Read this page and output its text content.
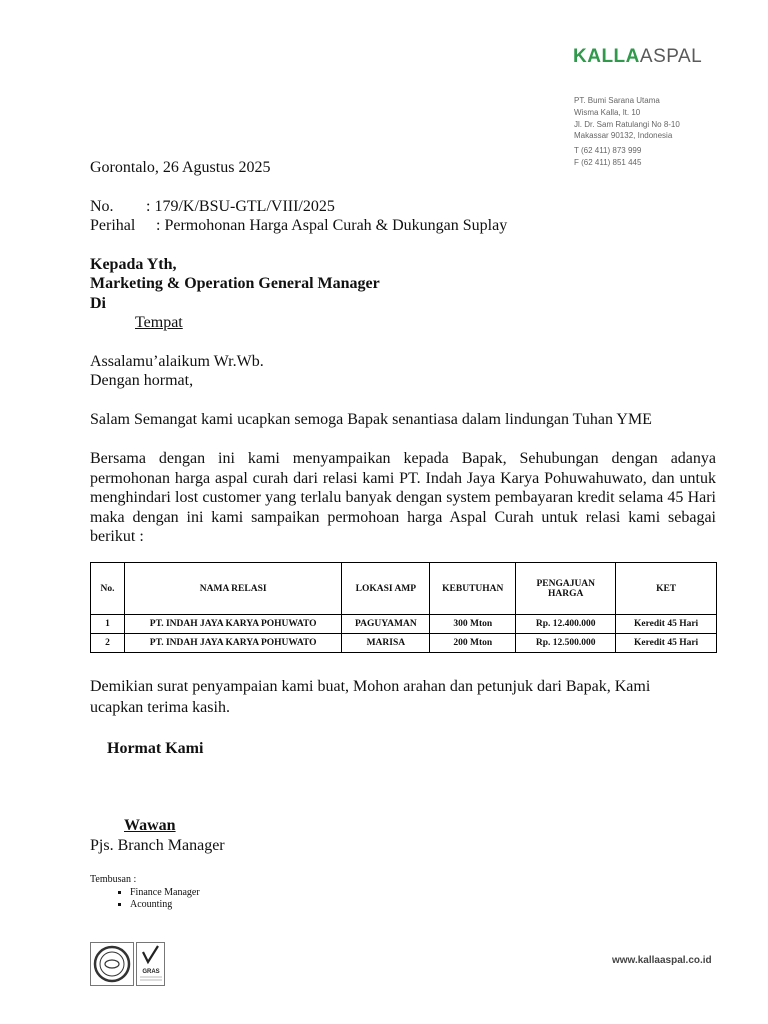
KALLAASPAL
PT. Bumi Sarana Utama
Wisma Kalla, lt. 10
Jl. Dr. Sam Ratulangi No 8-10
Makassar 90132, Indonesia
T (62 411) 873 999
F (62 411) 851 445
Gorontalo, 26 Agustus 2025
No. : 179/K/BSU-GTL/VIII/2025
Perihal : Permohonan Harga Aspal Curah & Dukungan Suplay
Kepada Yth,
Marketing & Operation General Manager
Di
Tempat
Assalamu’alaikum Wr.Wb.
Dengan hormat,
Salam Semangat kami ucapkan semoga Bapak senantiasa dalam lindungan Tuhan YME
Bersama dengan ini kami menyampaikan kepada Bapak, Sehubungan dengan adanya permohonan harga aspal curah dari relasi kami PT. Indah Jaya Karya Pohuwahuwato, dan untuk menghindari lost customer yang terlalu banyak dengan system pembayaran kredit selama 45 Hari maka dengan ini kami sampaikan permohoan harga Aspal Curah untuk relasi kami sebagai berikut :
No.	NAMA RELASI	LOKASI AMP	KEBUTUHAN	PENGAJUAN HARGA	KET
1	PT. INDAH JAYA KARYA POHUWATO	PAGUYAMAN	300 Mton	Rp. 12.400.000	Keredit 45 Hari
2	PT. INDAH JAYA KARYA POHUWATO	MARISA	200 Mton	Rp. 12.500.000	Keredit 45 Hari
Demikian surat penyampaian kami buat, Mohon arahan dan petunjuk dari Bapak, Kami ucapkan terima kasih.
Hormat Kami
Wawan
Pjs. Branch Manager
Tembusan :
▪ Finance Manager
▪ Acounting
GRAS
www.kallaaspal.co.id
